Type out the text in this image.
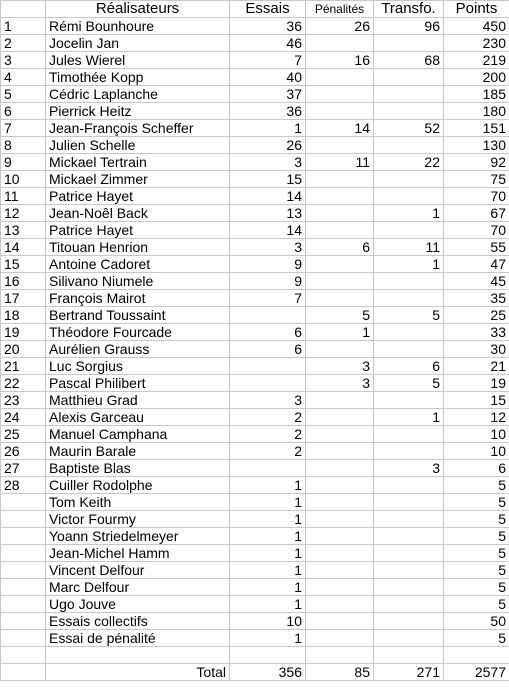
	Réalisateurs	Essais	Pénalités	Transfo.	Points
1	Rémi Bounhoure	36	26	96	450
2	Jocelin Jan	46			230
3	Jules Wierel	7	16	68	219
4	Timothée Kopp	40			200
5	Cédric Laplanche	37			185
6	Pierrick Heitz	36			180
7	Jean-François Scheffer	1	14	52	151
8	Julien Schelle	26			130
9	Mickael Tertrain	3	11	22	92
10	Mickael Zimmer	15			75
11	Patrice Hayet	14			70
12	Jean-Noêl Back	13		1	67
13	Patrice Hayet	14			70
14	Titouan Henrion	3	6	11	55
15	Antoine Cadoret	9		1	47
16	Silivano Niumele	9			45
17	François Mairot	7			35
18	Bertrand Toussaint		5	5	25
19	Théodore Fourcade	6	1		33
20	Aurélien Grauss	6			30
21	Luc Sorgius		3	6	21
22	Pascal Philibert		3	5	19
23	Matthieu Grad	3			15
24	Alexis Garceau	2		1	12
25	Manuel Camphana	2			10
26	Maurin Barale	2			10
27	Baptiste Blas			3	6
28	Cuiller Rodolphe	1			5
	Tom Keith	1			5
	Victor Fourmy	1			5
	Yoann Striedelmeyer	1			5
	Jean-Michel Hamm	1			5
	Vincent Delfour	1			5
	Marc Delfour	1			5
	Ugo Jouve	1			5
	Essais collectifs	10			50
	Essai de pénalité	1			5

	Total	356	85	271	2577
